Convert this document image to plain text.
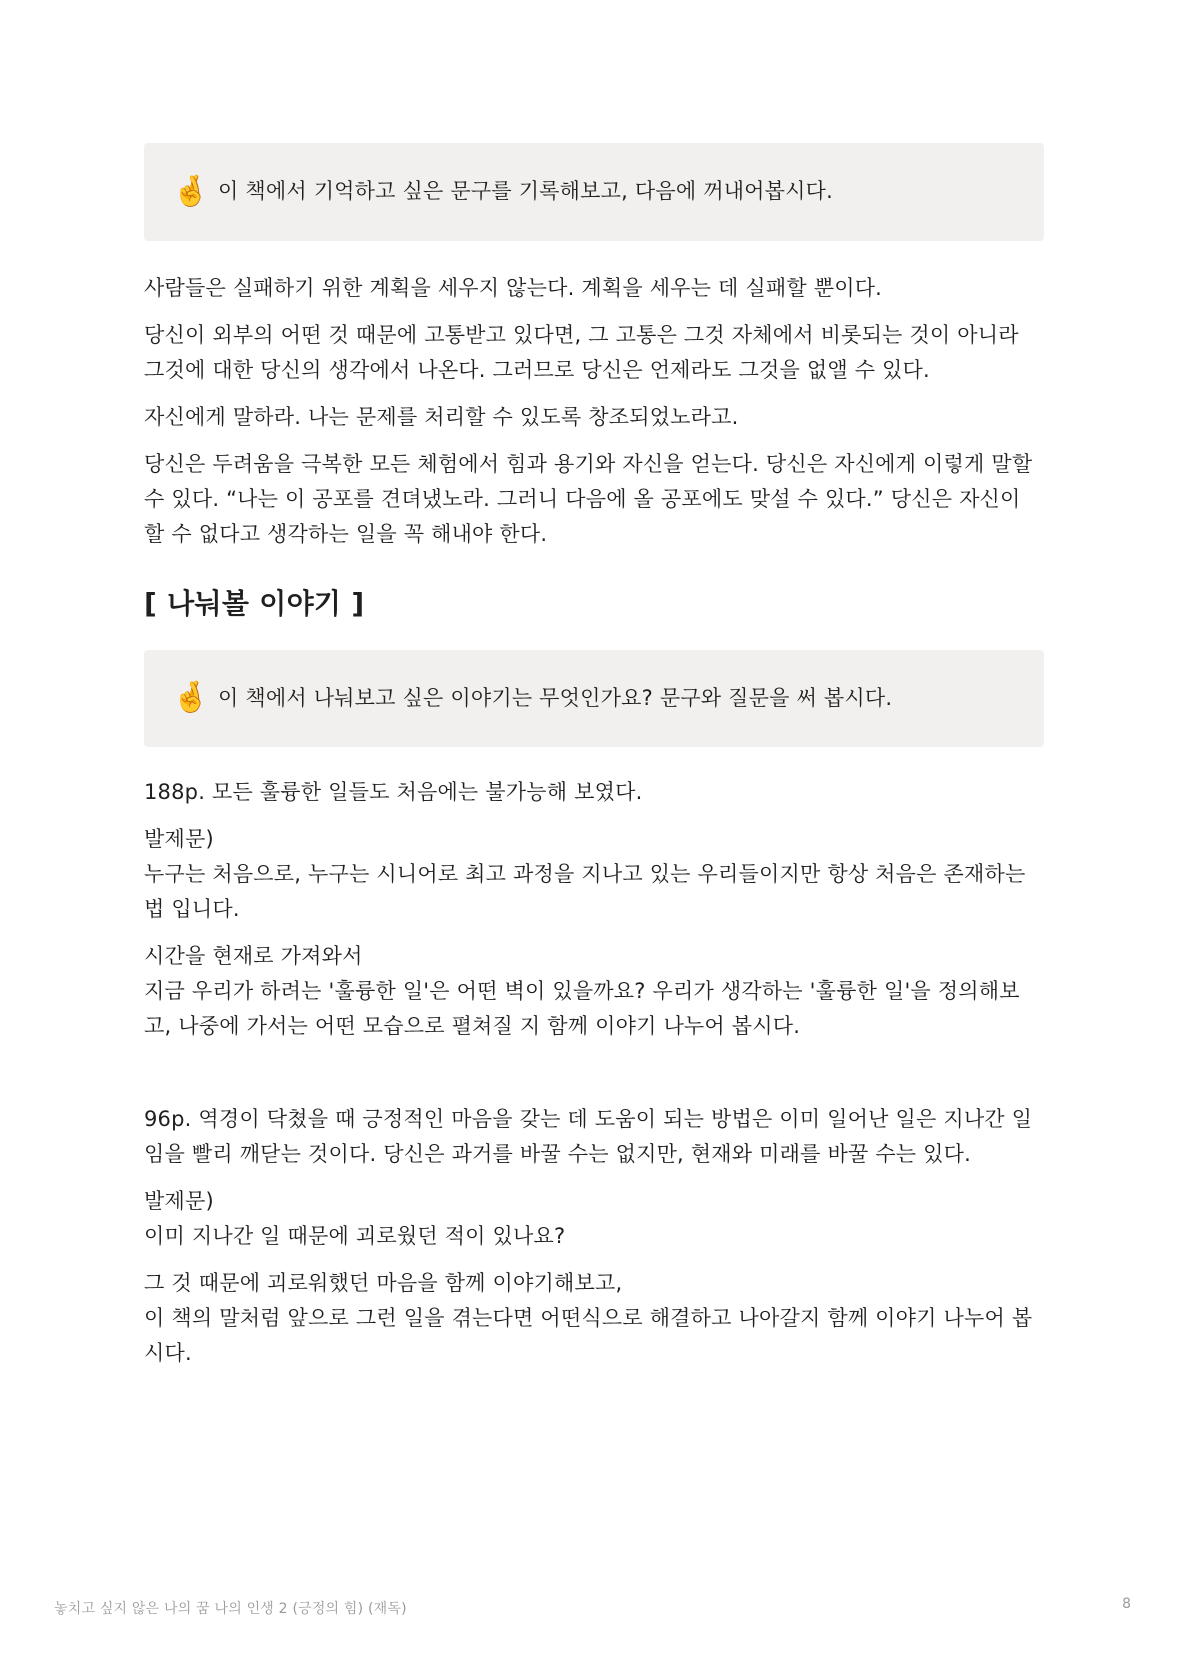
🤞 이 책에서 기억하고 싶은 문구를 기록해보고, 다음에 꺼내어봅시다.

사람들은 실패하기 위한 계획을 세우지 않는다. 계획을 세우는 데 실패할 뿐이다.

당신이 외부의 어떤 것 때문에 고통받고 있다면, 그 고통은 그것 자체에서 비롯되는 것이 아니라 그것에 대한 당신의 생각에서 나온다. 그러므로 당신은 언제라도 그것을 없앨 수 있다.

자신에게 말하라. 나는 문제를 처리할 수 있도록 창조되었노라고.

당신은 두려움을 극복한 모든 체험에서 힘과 용기와 자신을 얻는다. 당신은 자신에게 이렇게 말할 수 있다. “나는 이 공포를 견뎌냈노라. 그러니 다음에 올 공포에도 맞설 수 있다.” 당신은 자신이 할 수 없다고 생각하는 일을 꼭 해내야 한다.

[ 나눠볼 이야기 ]
🤞 이 책에서 나눠보고 싶은 이야기는 무엇인가요? 문구와 질문을 써 봅시다.

188p. 모든 훌륭한 일들도 처음에는 불가능해 보였다.

발제문)
누구는 처음으로, 누구는 시니어로 최고 과정을 지나고 있는 우리들이지만 항상 처음은 존재하는 법 입니다.

시간을 현재로 가져와서
지금 우리가 하려는 '훌륭한 일'은 어떤 벽이 있을까요? 우리가 생각하는 '훌륭한 일'을 정의해보고, 나중에 가서는 어떤 모습으로 펼쳐질 지 함께 이야기 나누어 봅시다.

96p. 역경이 닥쳤을 때 긍정적인 마음을 갖는 데 도움이 되는 방법은 이미 일어난 일은 지나간 일임을 빨리 깨닫는 것이다. 당신은 과거를 바꿀 수는 없지만, 현재와 미래를 바꿀 수는 있다.

발제문)
이미 지나간 일 때문에 괴로웠던 적이 있나요?

그 것 때문에 괴로워했던 마음을 함께 이야기해보고,
이 책의 말처럼 앞으로 그런 일을 겪는다면 어떤식으로 해결하고 나아갈지 함께 이야기 나누어 봅시다.

놓치고 싶지 않은 나의 꿈 나의 인생 2 (긍정의 힘) (재독)	8
